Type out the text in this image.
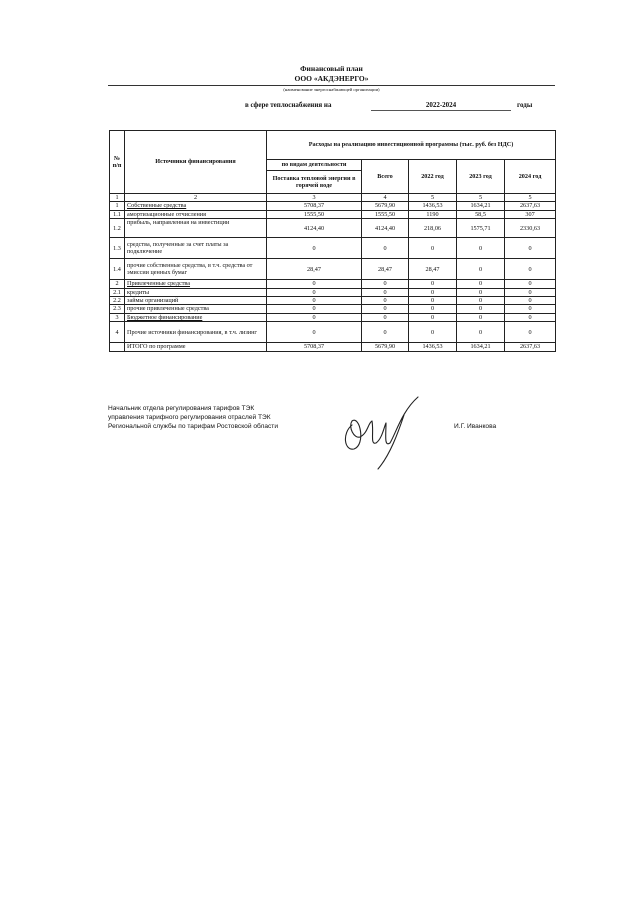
Финансовый план
ООО «АКДЭНЕРГО»
(наименование энергоснабжающей организации)
в сфере теплоснабжения на	2022-2024	годы
№ п/п	Источники финансирования	Расходы на реализацию инвестиционной программы (тыс. руб. без НДС)				
		по видам деятельности	Всего	2022 год	2023 год	2024 год
		Поставка тепловой энергии в горячей воде				
1	2	3	4	5	5	5
1	Собственные средства	5708,37	5679,90	1436,53	1634,21	2637,63
1.1	амортизационные отчисления	1555,50	1555,50	1190	58,5	307
1.2	прибыль, направленная на инвестиции	4124,40	4124,40	218,06	1575,71	2330,63
1.3	средства, полученные за счет платы за подключение	0	0	0	0	0
1.4	прочие собственные средства, в т.ч. средства от эмиссии ценных бумаг	28,47	28,47	28,47	0	0
2	Привлеченные средства	0	0	0	0	0
2.1	кредиты	0	0	0	0	0
2.2	займы организаций	0	0	0	0	0
2.3	прочие привлеченные средства	0	0	0	0	0
3	Бюджетное финансирование	0	0	0	0	0
4	Прочие источники финансирования, в т.ч. лизинг	0	0	0	0	0
	ИТОГО по программе	5708,37	5679,90	1436,53	1634,21	2637,63
Начальник отдела регулирования тарифов ТЭК
управления тарифного регулирования отраслей ТЭК
Региональной службы по тарифам Ростовской области	И.Г. Иванкова
